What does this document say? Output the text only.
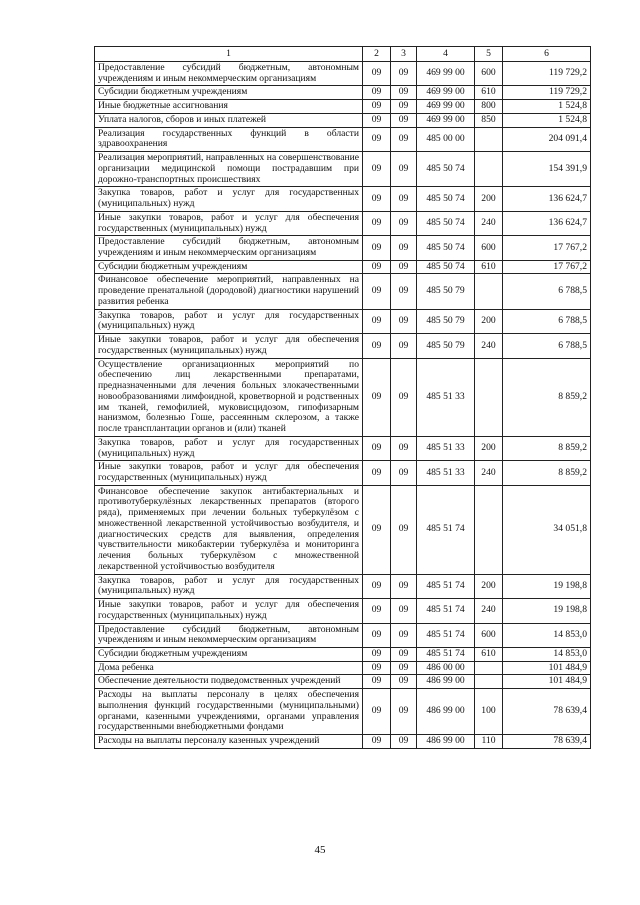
1	2	3	4	5	6
Предоставление субсидий бюджетным, автономным учреждениям и иным некоммерческим организациям	09	09	469 99 00	600	119 729,2
Субсидии бюджетным учреждениям	09	09	469 99 00	610	119 729,2
Иные бюджетные ассигнования	09	09	469 99 00	800	1 524,8
Уплата налогов, сборов и иных платежей	09	09	469 99 00	850	1 524,8
Реализация государственных функций в области здравоохранения	09	09	485 00 00		204 091,4
Реализация мероприятий, направленных на совершенствование организации медицинской помощи пострадавшим при дорожно-транспортных происшествиях	09	09	485 50 74		154 391,9
Закупка товаров, работ и услуг для государственных (муниципальных) нужд	09	09	485 50 74	200	136 624,7
Иные закупки товаров, работ и услуг для обеспечения государственных (муниципальных) нужд	09	09	485 50 74	240	136 624,7
Предоставление субсидий бюджетным, автономным учреждениям и иным некоммерческим организациям	09	09	485 50 74	600	17 767,2
Субсидии бюджетным учреждениям	09	09	485 50 74	610	17 767,2
Финансовое обеспечение мероприятий, направленных на проведение пренатальной (дородовой) диагностики нарушений развития ребенка	09	09	485 50 79		6 788,5
Закупка товаров, работ и услуг для государственных (муниципальных) нужд	09	09	485 50 79	200	6 788,5
Иные закупки товаров, работ и услуг для обеспечения государственных (муниципальных) нужд	09	09	485 50 79	240	6 788,5
Осуществление организационных мероприятий по обеспечению лиц лекарственными препаратами, предназначенными для лечения больных злокачественными новообразованиями лимфоидной, кроветворной и родственных им тканей, гемофилией, муковисцидозом, гипофизарным нанизмом, болезнью Гоше, рассеянным склерозом, а также после трансплантации органов и (или) тканей	09	09	485 51 33		8 859,2
Закупка товаров, работ и услуг для государственных (муниципальных) нужд	09	09	485 51 33	200	8 859,2
Иные закупки товаров, работ и услуг для обеспечения государственных (муниципальных) нужд	09	09	485 51 33	240	8 859,2
Финансовое обеспечение закупок антибактериальных и противотуберкулёзных лекарственных препаратов (второго ряда), применяемых при лечении больных туберкулёзом с множественной лекарственной устойчивостью возбудителя, и диагностических средств для выявления, определения чувствительности микобактерии туберкулёза и мониторинга лечения больных туберкулёзом с множественной лекарственной устойчивостью возбудителя	09	09	485 51 74		34 051,8
Закупка товаров, работ и услуг для государственных (муниципальных) нужд	09	09	485 51 74	200	19 198,8
Иные закупки товаров, работ и услуг для обеспечения государственных (муниципальных) нужд	09	09	485 51 74	240	19 198,8
Предоставление субсидий бюджетным, автономным учреждениям и иным некоммерческим организациям	09	09	485 51 74	600	14 853,0
Субсидии бюджетным учреждениям	09	09	485 51 74	610	14 853,0
Дома ребенка	09	09	486 00 00		101 484,9
Обеспечение деятельности подведомственных учреждений	09	09	486 99 00		101 484,9
Расходы на выплаты персоналу в целях обеспечения выполнения функций государственными (муниципальными) органами, казенными учреждениями, органами управления государственными внебюджетными фондами	09	09	486 99 00	100	78 639,4
Расходы на выплаты персоналу казенных учреждений	09	09	486 99 00	110	78 639,4
45
